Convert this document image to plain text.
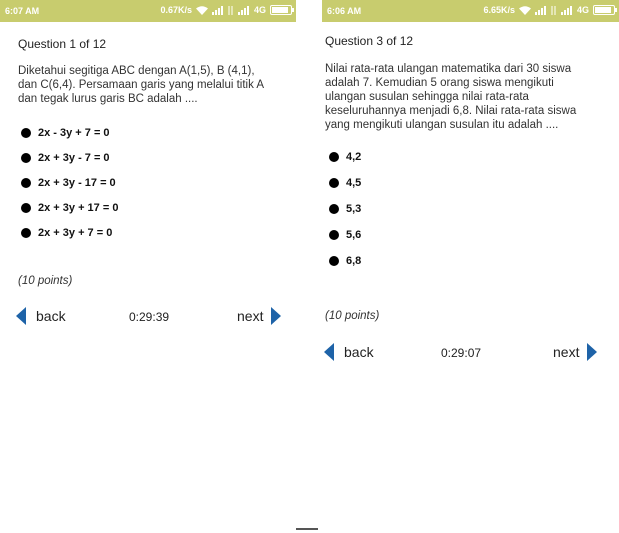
6:07 AM	0.67K/s	4G
Question 1 of 12
Diketahui segitiga ABC dengan A(1,5), B (4,1),
dan C(6,4). Persamaan garis yang melalui titik A
dan tegak lurus garis BC adalah ....
2x - 3y + 7 = 0
2x + 3y - 7 = 0
2x + 3y - 17 = 0
2x + 3y + 17 = 0
2x + 3y + 7 = 0
(10 points)
back	0:29:39	next
6:06 AM	6.65K/s	4G
Question 3 of 12
Nilai rata-rata ulangan matematika dari 30 siswa
adalah 7. Kemudian 5 orang siswa mengikuti
ulangan susulan sehingga nilai rata-rata
keseluruhannya menjadi 6,8. Nilai rata-rata siswa
yang mengikuti ulangan susulan itu adalah ....
4,2
4,5
5,3
5,6
6,8
(10 points)
back	0:29:07	next
